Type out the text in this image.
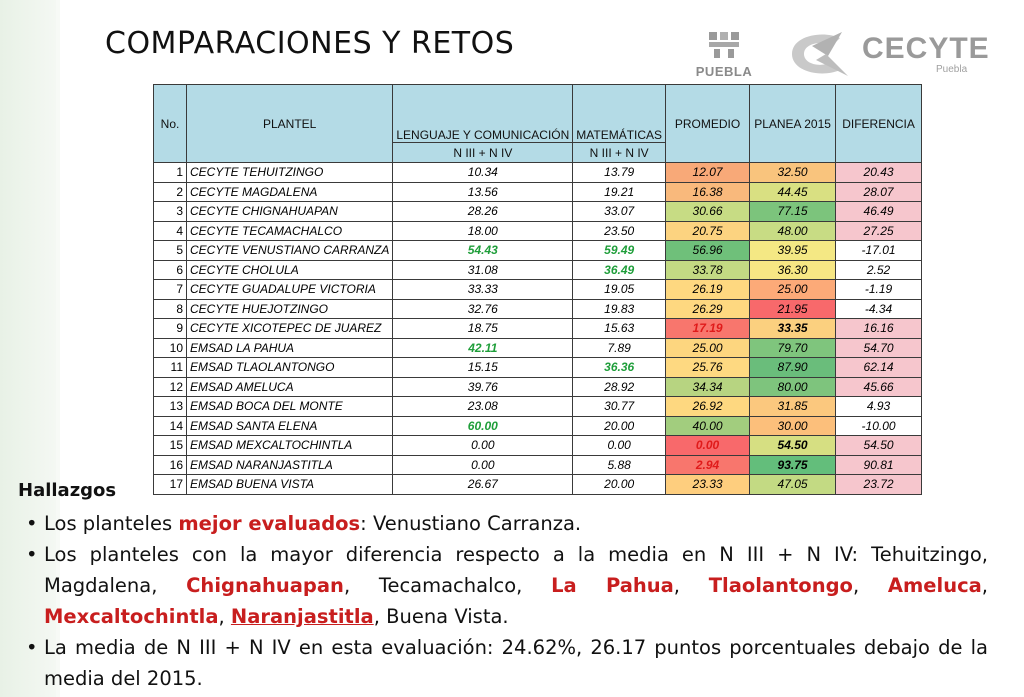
COMPARACIONES Y RETOS
PUEBLA
CECYTE
Puebla
No.	PLANTEL	LENGUAJE Y COMUNICACIÓN	MATEMÁTICAS	PROMEDIO	PLANEA 2015	DIFERENCIA
		N III + N IV	N III + N IV			
1	CECYTE TEHUITZINGO	10.34	13.79	12.07	32.50	20.43
2	CECYTE MAGDALENA	13.56	19.21	16.38	44.45	28.07
3	CECYTE CHIGNAHUAPAN	28.26	33.07	30.66	77.15	46.49
4	CECYTE TECAMACHALCO	18.00	23.50	20.75	48.00	27.25
5	CECYTE VENUSTIANO CARRANZA	54.43	59.49	56.96	39.95	-17.01
6	CECYTE CHOLULA	31.08	36.49	33.78	36.30	2.52
7	CECYTE GUADALUPE VICTORIA	33.33	19.05	26.19	25.00	-1.19
8	CECYTE HUEJOTZINGO	32.76	19.83	26.29	21.95	-4.34
9	CECYTE XICOTEPEC DE JUAREZ	18.75	15.63	17.19	33.35	16.16
10	EMSAD LA PAHUA	42.11	7.89	25.00	79.70	54.70
11	EMSAD TLAOLANTONGO	15.15	36.36	25.76	87.90	62.14
12	EMSAD AMELUCA	39.76	28.92	34.34	80.00	45.66
13	EMSAD BOCA DEL MONTE	23.08	30.77	26.92	31.85	4.93
14	EMSAD SANTA ELENA	60.00	20.00	40.00	30.00	-10.00
15	EMSAD MEXCALTOCHINTLA	0.00	0.00	0.00	54.50	54.50
16	EMSAD NARANJASTITLA	0.00	5.88	2.94	93.75	90.81
17	EMSAD BUENA VISTA	26.67	20.00	23.33	47.05	23.72
Hallazgos
• Los planteles mejor evaluados: Venustiano Carranza.
• Los planteles con la mayor diferencia respecto a la media en N III + N IV: Tehuitzingo, Magdalena, Chignahuapan, Tecamachalco, La Pahua, Tlaolantongo, Ameluca, Mexcaltochintla, Naranjastitla, Buena Vista.
• La media de N III + N IV en esta evaluación: 24.62%, 26.17 puntos porcentuales debajo de la media del 2015.
